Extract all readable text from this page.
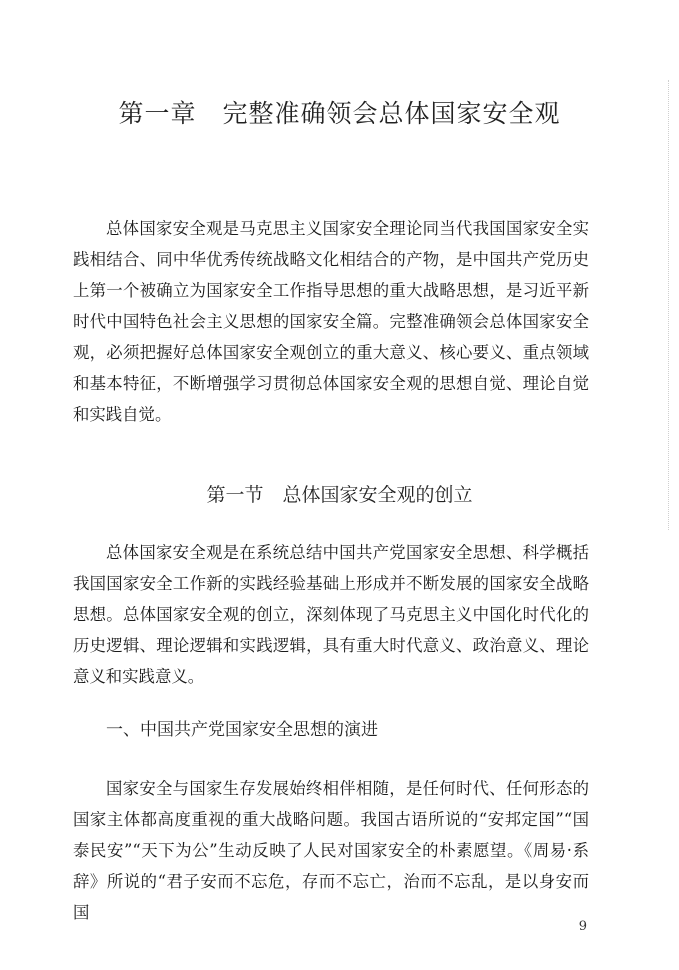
第一章　完整准确领会总体国家安全观

总体国家安全观是马克思主义国家安全理论同当代我国国家安全实践相结合、同中华优秀传统战略文化相结合的产物，是中国共产党历史上第一个被确立为国家安全工作指导思想的重大战略思想，是习近平新时代中国特色社会主义思想的国家安全篇。完整准确领会总体国家安全观，必须把握好总体国家安全观创立的重大意义、核心要义、重点领域和基本特征，不断增强学习贯彻总体国家安全观的思想自觉、理论自觉和实践自觉。

第一节　总体国家安全观的创立

总体国家安全观是在系统总结中国共产党国家安全思想、科学概括我国国家安全工作新的实践经验基础上形成并不断发展的国家安全战略思想。总体国家安全观的创立，深刻体现了马克思主义中国化时代化的历史逻辑、理论逻辑和实践逻辑，具有重大时代意义、政治意义、理论意义和实践意义。

一、中国共产党国家安全思想的演进

国家安全与国家生存发展始终相伴相随，是任何时代、任何形态的国家主体都高度重视的重大战略问题。我国古语所说的“安邦定国”“国泰民安”“天下为公”生动反映了人民对国家安全的朴素愿望。《周易·系辞》所说的“君子安而不忘危，存而不忘亡，治而不忘乱，是以身安而国

9
